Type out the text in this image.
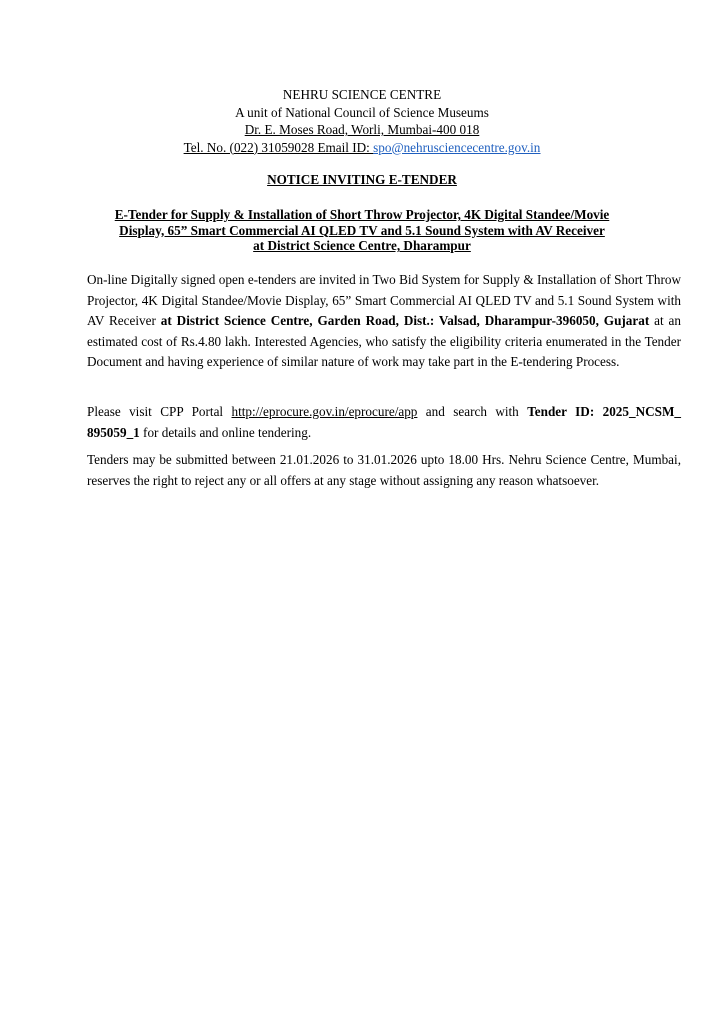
NEHRU SCIENCE CENTRE
A unit of National Council of Science Museums
Dr. E. Moses Road, Worli, Mumbai-400 018
Tel. No. (022) 31059028 Email ID: spo@nehrusciencecentre.gov.in
NOTICE INVITING E-TENDER
E-Tender for Supply & Installation of Short Throw Projector, 4K Digital Standee/Movie
Display, 65” Smart Commercial AI QLED TV and 5.1 Sound System with AV Receiver
at District Science Centre, Dharampur
On-line Digitally signed open e-tenders are invited in Two Bid System for Supply & Installation of Short Throw Projector, 4K Digital Standee/Movie Display, 65” Smart Commercial AI QLED TV and 5.1 Sound System with AV Receiver at District Science Centre, Garden Road, Dist.: Valsad, Dharampur-396050, Gujarat at an estimated cost of Rs.4.80 lakh. Interested Agencies, who satisfy the eligibility criteria enumerated in the Tender Document and having experience of similar nature of work may take part in the E-tendering Process.
Please visit CPP Portal http://eprocure.gov.in/eprocure/app and search with Tender ID: 2025_NCSM_ 895059_1 for details and online tendering.
Tenders may be submitted between 21.01.2026 to 31.01.2026 upto 18.00 Hrs. Nehru Science Centre, Mumbai, reserves the right to reject any or all offers at any stage without assigning any reason whatsoever.
